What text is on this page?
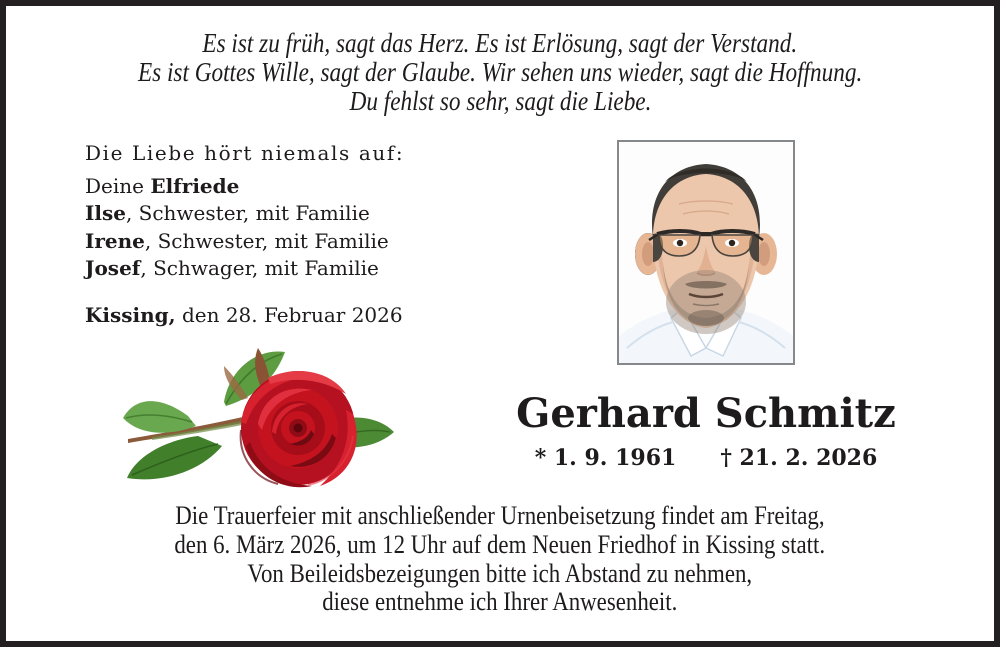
Es ist zu früh, sagt das Herz. Es ist Erlösung, sagt der Verstand.
Es ist Gottes Wille, sagt der Glaube. Wir sehen uns wieder, sagt die Hoffnung.
Du fehlst so sehr, sagt die Liebe.
Die Liebe hört niemals auf:
Deine Elfriede
Ilse, Schwester, mit Familie
Irene, Schwester, mit Familie
Josef, Schwager, mit Familie
Kissing, den 28. Februar 2026
Gerhard Schmitz
* 1. 9. 1961 † 21. 2. 2026
Die Trauerfeier mit anschließender Urnenbeisetzung findet am Freitag,
den 6. März 2026, um 12 Uhr auf dem Neuen Friedhof in Kissing statt.
Von Beileidsbezeigungen bitte ich Abstand zu nehmen,
diese entnehme ich Ihrer Anwesenheit.
